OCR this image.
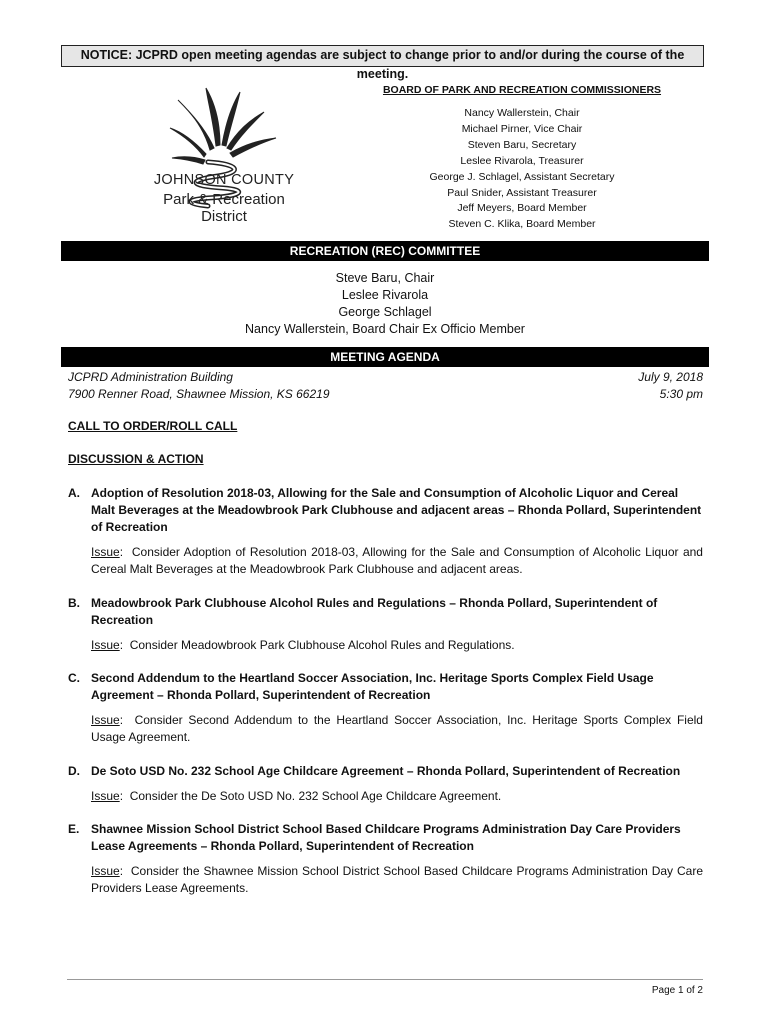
NOTICE: JCPRD open meeting agendas are subject to change prior to and/or during the course of the meeting.
JOHNSON COUNTY
Park & Recreation
District
BOARD OF PARK AND RECREATION COMMISSIONERS
Nancy Wallerstein, Chair
Michael Pirner, Vice Chair
Steven Baru, Secretary
Leslee Rivarola, Treasurer
George J. Schlagel, Assistant Secretary
Paul Snider, Assistant Treasurer
Jeff Meyers, Board Member
Steven C. Klika, Board Member
RECREATION (REC) COMMITTEE
Steve Baru, Chair
Leslee Rivarola
George Schlagel
Nancy Wallerstein, Board Chair Ex Officio Member
MEETING AGENDA
JCPRD Administration Building
7900 Renner Road, Shawnee Mission, KS 66219
July 9, 2018
5:30 pm
CALL TO ORDER/ROLL CALL
DISCUSSION & ACTION
A. Adoption of Resolution 2018-03, Allowing for the Sale and Consumption of Alcoholic Liquor and Cereal Malt Beverages at the Meadowbrook Park Clubhouse and adjacent areas – Rhonda Pollard, Superintendent of Recreation
Issue:  Consider Adoption of Resolution 2018-03, Allowing for the Sale and Consumption of Alcoholic Liquor and Cereal Malt Beverages at the Meadowbrook Park Clubhouse and adjacent areas.
B. Meadowbrook Park Clubhouse Alcohol Rules and Regulations – Rhonda Pollard, Superintendent of Recreation
Issue:  Consider Meadowbrook Park Clubhouse Alcohol Rules and Regulations.
C. Second Addendum to the Heartland Soccer Association, Inc. Heritage Sports Complex Field Usage Agreement – Rhonda Pollard, Superintendent of Recreation
Issue:  Consider Second Addendum to the Heartland Soccer Association, Inc. Heritage Sports Complex Field Usage Agreement.
D. De Soto USD No. 232 School Age Childcare Agreement – Rhonda Pollard, Superintendent of Recreation
Issue:  Consider the De Soto USD No. 232 School Age Childcare Agreement.
E. Shawnee Mission School District School Based Childcare Programs Administration Day Care Providers Lease Agreements – Rhonda Pollard, Superintendent of Recreation
Issue:  Consider the Shawnee Mission School District School Based Childcare Programs Administration Day Care Providers Lease Agreements.
Page 1 of 2
